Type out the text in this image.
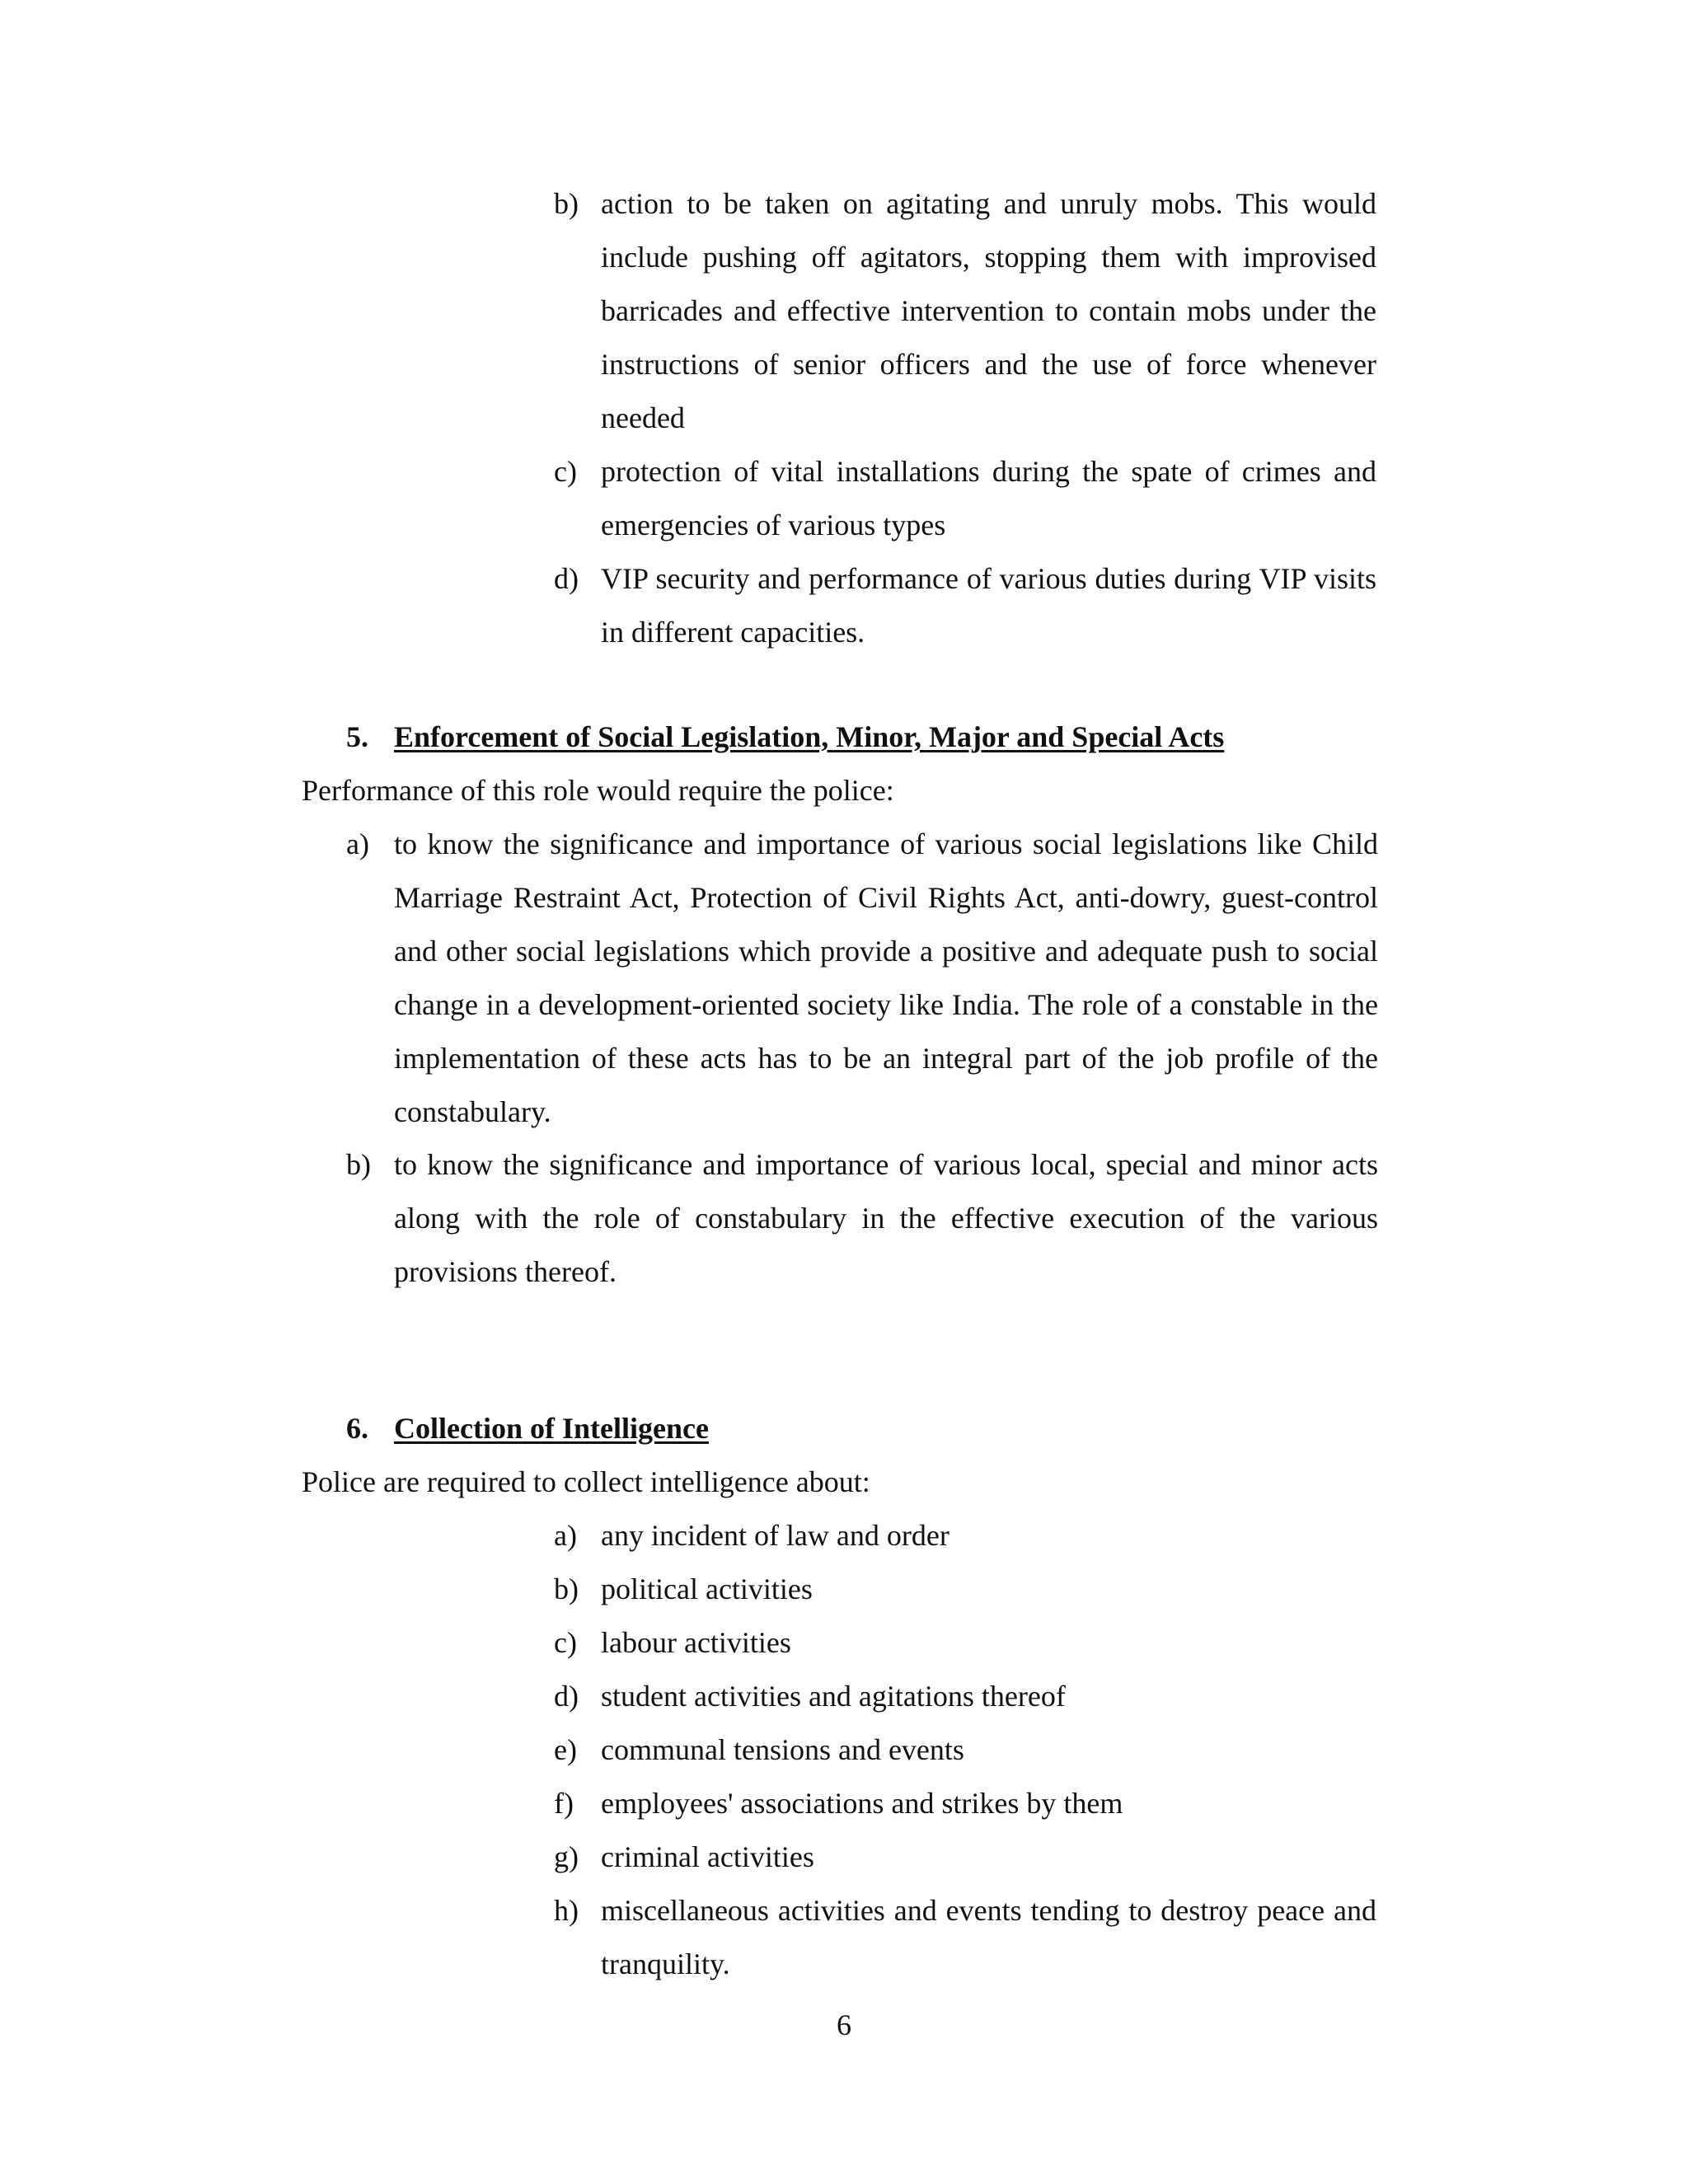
b) action to be taken on agitating and unruly mobs. This would include pushing off agitators, stopping them with improvised barricades and effective intervention to contain mobs under the instructions of senior officers and the use of force whenever needed
c) protection of vital installations during the spate of crimes and emergencies of various types
d) VIP security and performance of various duties during VIP visits in different capacities.
5. Enforcement of Social Legislation, Minor, Major and Special Acts
Performance of this role would require the police:
a) to know the significance and importance of various social legislations like Child Marriage Restraint Act, Protection of Civil Rights Act, anti-dowry, guest-control and other social legislations which provide a positive and adequate push to social change in a development-oriented society like India. The role of a constable in the implementation of these acts has to be an integral part of the job profile of the constabulary.
b) to know the significance and importance of various local, special and minor acts along with the role of constabulary in the effective execution of the various provisions thereof.
6. Collection of Intelligence
Police are required to collect intelligence about:
a) any incident of law and order
b) political activities
c) labour activities
d) student activities and agitations thereof
e) communal tensions and events
f) employees' associations and strikes by them
g) criminal activities
h) miscellaneous activities and events tending to destroy peace and tranquility.
6
